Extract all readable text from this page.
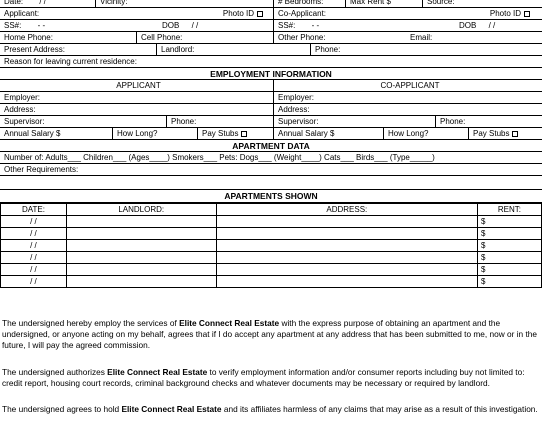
Date: / /	Vicinity:	# Bedrooms:	Max Rent $	Source:
Applicant:	Photo ID	Co-Applicant:	Photo ID
SS#: - -	DOB / /	SS#: - -	DOB / /
Home Phone:	Cell Phone:	Other Phone:	Email:
Present Address:	Landlord:	Phone:
Reason for leaving current residence:
EMPLOYMENT INFORMATION
APPLICANT	CO-APPLICANT
Employer:	Employer:
Address:	Address:
Supervisor:	Phone:	Supervisor:	Phone:
Annual Salary $	How Long?	Pay Stubs	Annual Salary $	How Long?	Pay Stubs
APARTMENT DATA
Number of: Adults___ Children___ (Ages____) Smokers___ Pets: Dogs___ (Weight____) Cats___ Birds___ (Type_____)
Other Requirements:
APARTMENTS SHOWN
DATE:	LANDLORD:	ADDRESS:	RENT:
/ /			$
/ /			$
/ /			$
/ /			$
/ /			$
/ /			$
The undersigned hereby employ the services of Elite Connect Real Estate with the express purpose of obtaining an apartment and the undersigned, or anyone acting on my behalf, agrees that if I do accept any apartment at any address that has been submitted to me, now or in the future, I will pay the agreed commission.
The undersigned authorizes Elite Connect Real Estate to verify employment information and/or consumer reports including buy not limited to: credit report, housing court records, criminal background checks and whatever documents may be necessary or required by landlord.
The undersigned agrees to hold Elite Connect Real Estate and its affiliates harmless of any claims that may arise as a result of this investigation.
